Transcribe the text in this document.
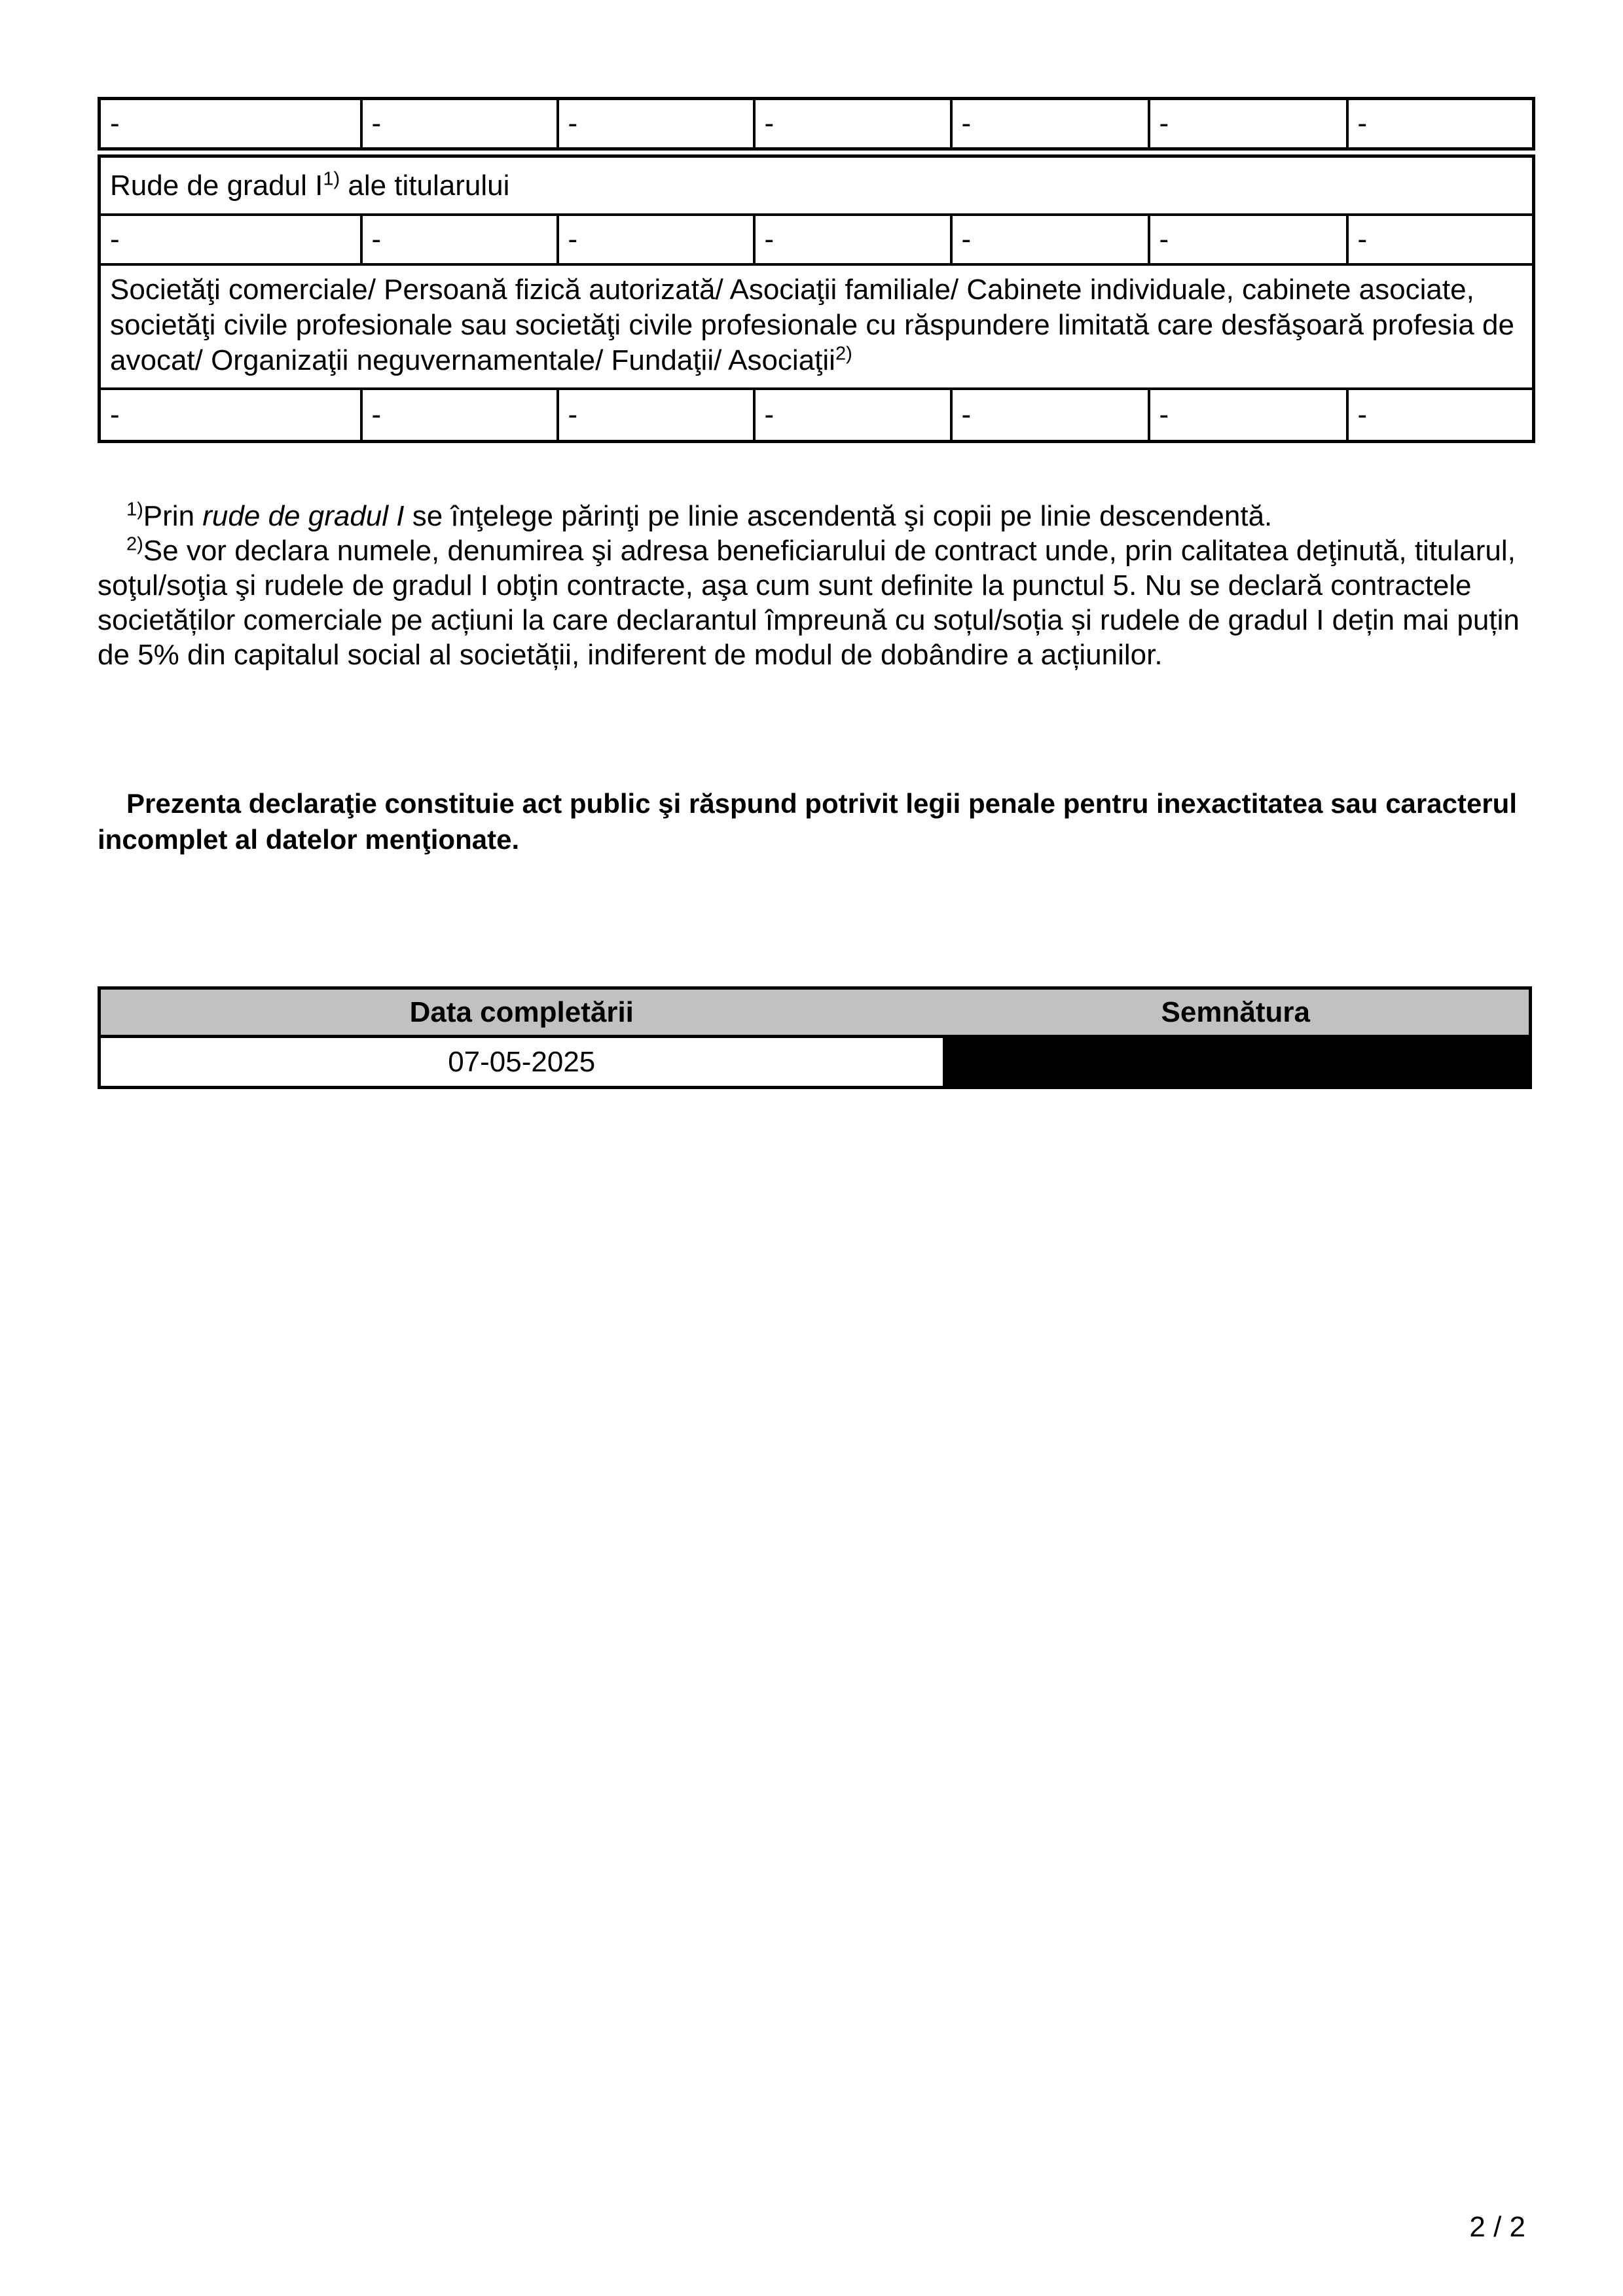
-	-	-	-	-	-	-
Rude de gradul $I^{1)}$ ale titularului						
-	-	-	-	-	-	-
Societăţi comerciale/ Persoană fizică autorizată/ Asociaţii familiale/ Cabinete individuale, cabinete asociate, societăţi civile profesionale sau societăţi civile profesionale cu răspundere limitată care desfăşoară profesia de avocat/ Organizaţii neguvernamentale/ Fundaţii/ Asociaţii$^{2)}$
-	-	-	-	-	-	-

$^{1)}$Prin rude de gradul I se înţelege părinţi pe linie ascendentă şi copii pe linie descendentă.

$^{2)}$Se vor declara numele, denumirea şi adresa beneficiarului de contract unde, prin calitatea deţinută, titularul, soţul/soţia şi rudele de gradul I obţin contracte, aşa cum sunt definite la punctul 5. Nu se declară contractele societăților comerciale pe acțiuni la care declarantul împreună cu soțul/soția și rudele de gradul I dețin mai puțin de 5% din capitalul social al societății, indiferent de modul de dobândire a acțiunilor.

Prezenta declaraţie constituie act public şi răspund potrivit legii penale pentru inexactitatea sau caracterul incomplet al datelor menţionate.

Data completării	Semnătura
07-05-2025	
2 / 2
